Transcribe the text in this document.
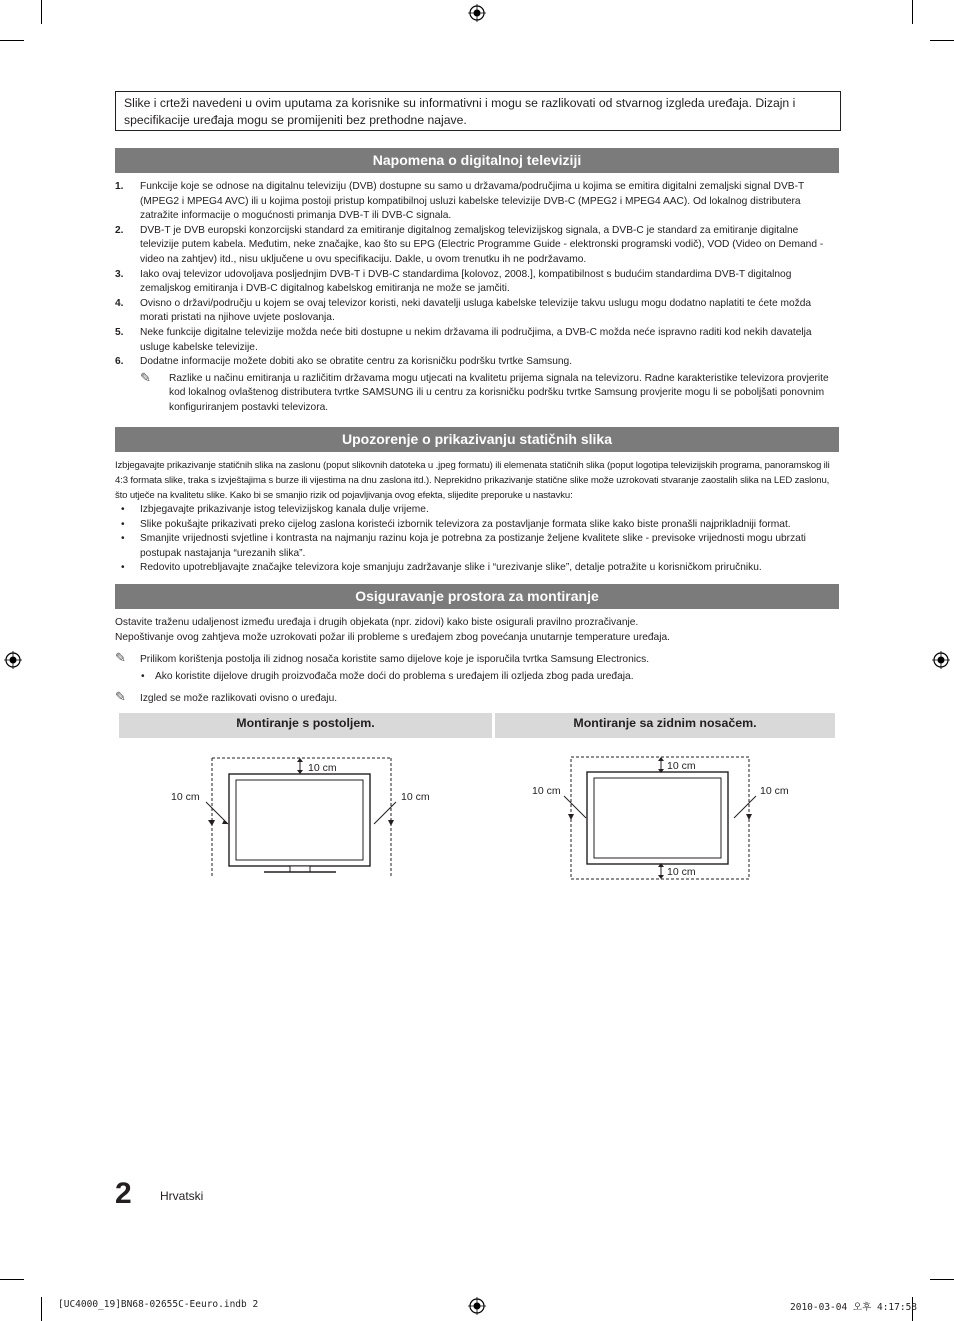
Slike i crteži navedeni u ovim uputama za korisnike su informativni i mogu se razlikovati od stvarnog izgleda uređaja. Dizajn i specifikacije uređaja mogu se promijeniti bez prethodne najave.
Napomena o digitalnoj televiziji
1. Funkcije koje se odnose na digitalnu televiziju (DVB) dostupne su samo u državama/područjima u kojima se emitira digitalni zemaljski signal DVB-T (MPEG2 i MPEG4 AVC) ili u kojima postoji pristup kompatibilnoj usluzi kabelske televizije DVB-C (MPEG2 i MPEG4 AAC). Od lokalnog distributera zatražite informacije o mogućnosti primanja DVB-T ili DVB-C signala.
2. DVB-T je DVB europski konzorcijski standard za emitiranje digitalnog zemaljskog televizijskog signala, a DVB-C je standard za emitiranje digitalne televizije putem kabela. Međutim, neke značajke, kao što su EPG (Electric Programme Guide - elektronski programski vodič), VOD (Video on Demand - video na zahtjev) itd., nisu uključene u ovu specifikaciju. Dakle, u ovom trenutku ih ne podržavamo.
3. Iako ovaj televizor udovoljava posljednjim DVB-T i DVB-C standardima [kolovoz, 2008.], kompatibilnost s budućim standardima DVB-T digitalnog zemaljskog emitiranja i DVB-C digitalnog kabelskog emitiranja ne može se jamčiti.
4. Ovisno o državi/području u kojem se ovaj televizor koristi, neki davatelji usluga kabelske televizije takvu uslugu mogu dodatno naplatiti te ćete možda morati pristati na njihove uvjete poslovanja.
5. Neke funkcije digitalne televizije možda neće biti dostupne u nekim državama ili područjima, a DVB-C možda neće ispravno raditi kod nekih davatelja usluge kabelske televizije.
6. Dodatne informacije možete dobiti ako se obratite centru za korisničku podršku tvrtke Samsung.
✎ Razlike u načinu emitiranja u različitim državama mogu utjecati na kvalitetu prijema signala na televizoru. Radne karakteristike televizora provjerite kod lokalnog ovlaštenog distributera tvrtke SAMSUNG ili u centru za korisničku podršku tvrtke Samsung provjerite mogu li se poboljšati ponovnim konfiguriranjem postavki televizora.
Upozorenje o prikazivanju statičnih slika
Izbjegavajte prikazivanje statičnih slika na zaslonu (poput slikovnih datoteka u .jpeg formatu) ili elemenata statičnih slika (poput logotipa televizijskih programa, panoramskog ili 4:3 formata slike, traka s izvještajima s burze ili vijestima na dnu zaslona itd.). Neprekidno prikazivanje statične slike može uzrokovati stvaranje zaostalih slika na LED zaslonu, što utječe na kvalitetu slike. Kako bi se smanjio rizik od pojavljivanja ovog efekta, slijedite preporuke u nastavku:
• Izbjegavajte prikazivanje istog televizijskog kanala dulje vrijeme.
• Slike pokušajte prikazivati preko cijelog zaslona koristeći izbornik televizora za postavljanje formata slike kako biste pronašli najprikladniji format.
• Smanjite vrijednosti svjetline i kontrasta na najmanju razinu koja je potrebna za postizanje željene kvalitete slike - previsoke vrijednosti mogu ubrzati postupak nastajanja “urezanih slika”.
• Redovito upotrebljavajte značajke televizora koje smanjuju zadržavanje slike i “urezivanje slike”, detalje potražite u korisničkom priručniku.
Osiguravanje prostora za montiranje
Ostavite traženu udaljenost između uređaja i drugih objekata (npr. zidovi) kako biste osigurali pravilno prozračivanje.
Nepoštivanje ovog zahtjeva može uzrokovati požar ili probleme s uređajem zbog povećanja unutarnje temperature uređaja.
✎ Prilikom korištenja postolja ili zidnog nosača koristite samo dijelove koje je isporučila tvrtka Samsung Electronics.
• Ako koristite dijelove drugih proizvođača može doći do problema s uređajem ili ozljeda zbog pada uređaja.
✎ Izgled se može razlikovati ovisno o uređaju.
Montiranje s postoljem.	Montiranje sa zidnim nosačem.
10 cm
10 cm	10 cm
10 cm
10 cm
10 cm	10 cm
2 Hrvatski
[UC4000_19]BN68-02655C-Eeuro.indb 2	2010-03-04 오후 4:17:58
